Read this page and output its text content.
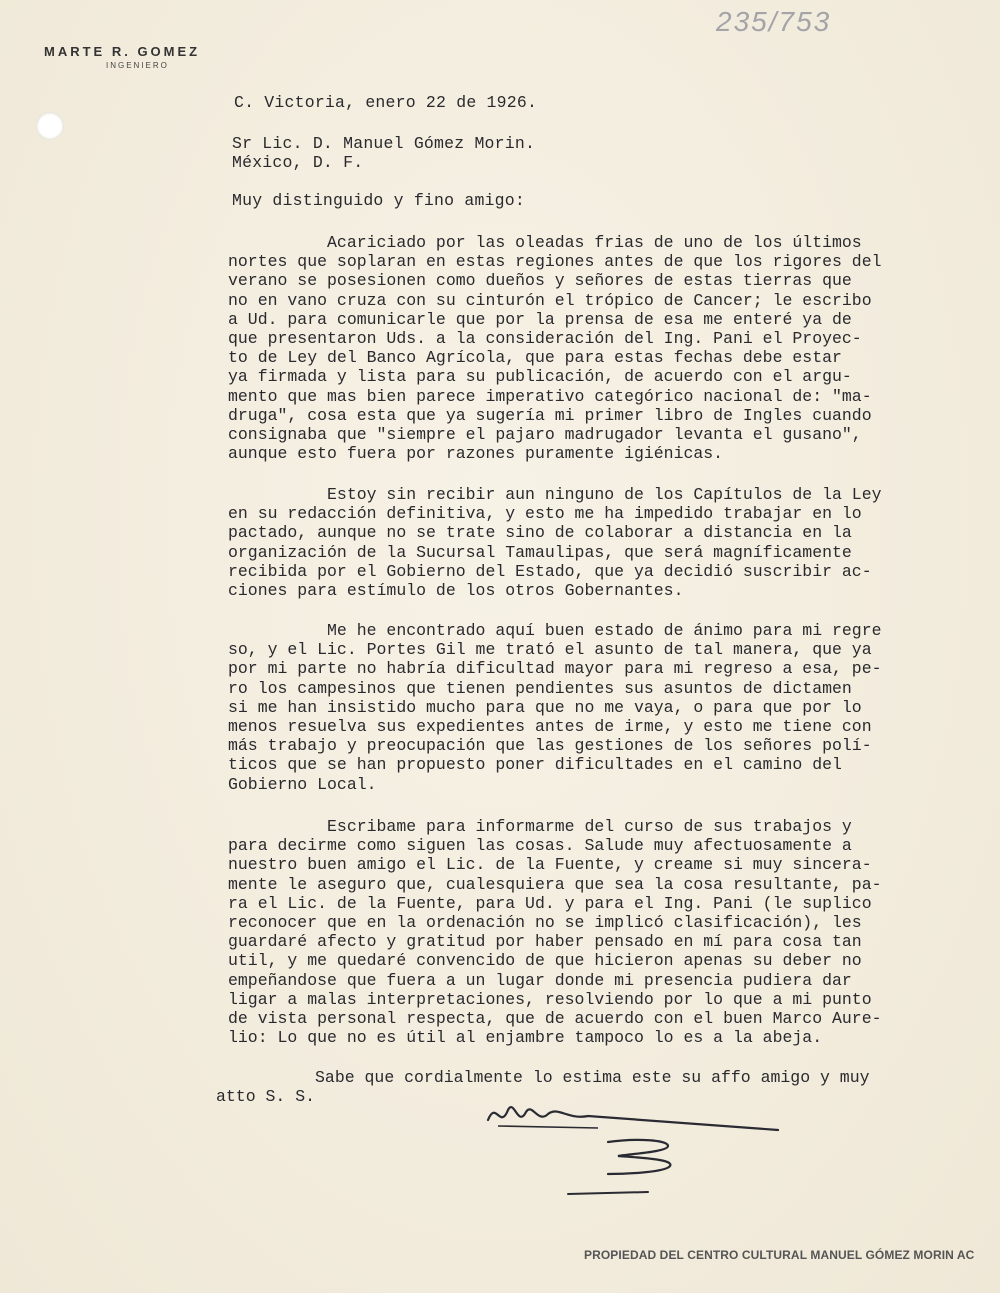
235/753
MARTE R. GOMEZ
INGENIERO
C. Victoria, enero 22 de 1926.
Sr Lic. D. Manuel Gómez Morin.
México, D. F.
Muy distinguido y fino amigo:
Acariciado por las oleadas frias de uno de los últimos
nortes que soplaran en estas regiones antes de que los rigores del
verano se posesionen como dueños y señores de estas tierras que
no en vano cruza con su cinturón el trópico de Cancer; le escribo
a Ud. para comunicarle que por la prensa de esa me enteré ya de
que presentaron Uds. a la consideración del Ing. Pani el Proyec-
to de Ley del Banco Agrícola, que para estas fechas debe estar
ya firmada y lista para su publicación, de acuerdo con el argu-
mento que mas bien parece imperativo categórico nacional de: "ma-
druga", cosa esta que ya sugería mi primer libro de Ingles cuando
consignaba que "siempre el pajaro madrugador levanta el gusano",
aunque esto fuera por razones puramente igiénicas.
Estoy sin recibir aun ninguno de los Capítulos de la Ley
en su redacción definitiva, y esto me ha impedido trabajar en lo
pactado, aunque no se trate sino de colaborar a distancia en la
organización de la Sucursal Tamaulipas, que será magníficamente
recibida por el Gobierno del Estado, que ya decidió suscribir ac-
ciones para estímulo de los otros Gobernantes.
Me he encontrado aquí buen estado de ánimo para mi regre
so, y el Lic. Portes Gil me trató el asunto de tal manera, que ya
por mi parte no habría dificultad mayor para mi regreso a esa, pe-
ro los campesinos que tienen pendientes sus asuntos de dictamen
si me han insistido mucho para que no me vaya, o para que por lo
menos resuelva sus expedientes antes de irme, y esto me tiene con
más trabajo y preocupación que las gestiones de los señores polí-
ticos que se han propuesto poner dificultades en el camino del
Gobierno Local.
Escribame para informarme del curso de sus trabajos y
para decirme como siguen las cosas. Salude muy afectuosamente a
nuestro buen amigo el Lic. de la Fuente, y creame si muy sincera-
mente le aseguro que, cualesquiera que sea la cosa resultante, pa-
ra el Lic. de la Fuente, para Ud. y para el Ing. Pani (le suplico
reconocer que en la ordenación no se implicó clasificación), les
guardaré afecto y gratitud por haber pensado en mí para cosa tan
util, y me quedaré convencido de que hicieron apenas su deber no
empeñandose que fuera a un lugar donde mi presencia pudiera dar
ligar a malas interpretaciones, resolviendo por lo que a mi punto
de vista personal respecta, que de acuerdo con el buen Marco Aure-
lio: Lo que no es útil al enjambre tampoco lo es a la abeja.
Sabe que cordialmente lo estima este su affo amigo y muy
atto S. S.
PROPIEDAD DEL CENTRO CULTURAL MANUEL GÓMEZ MORIN AC
